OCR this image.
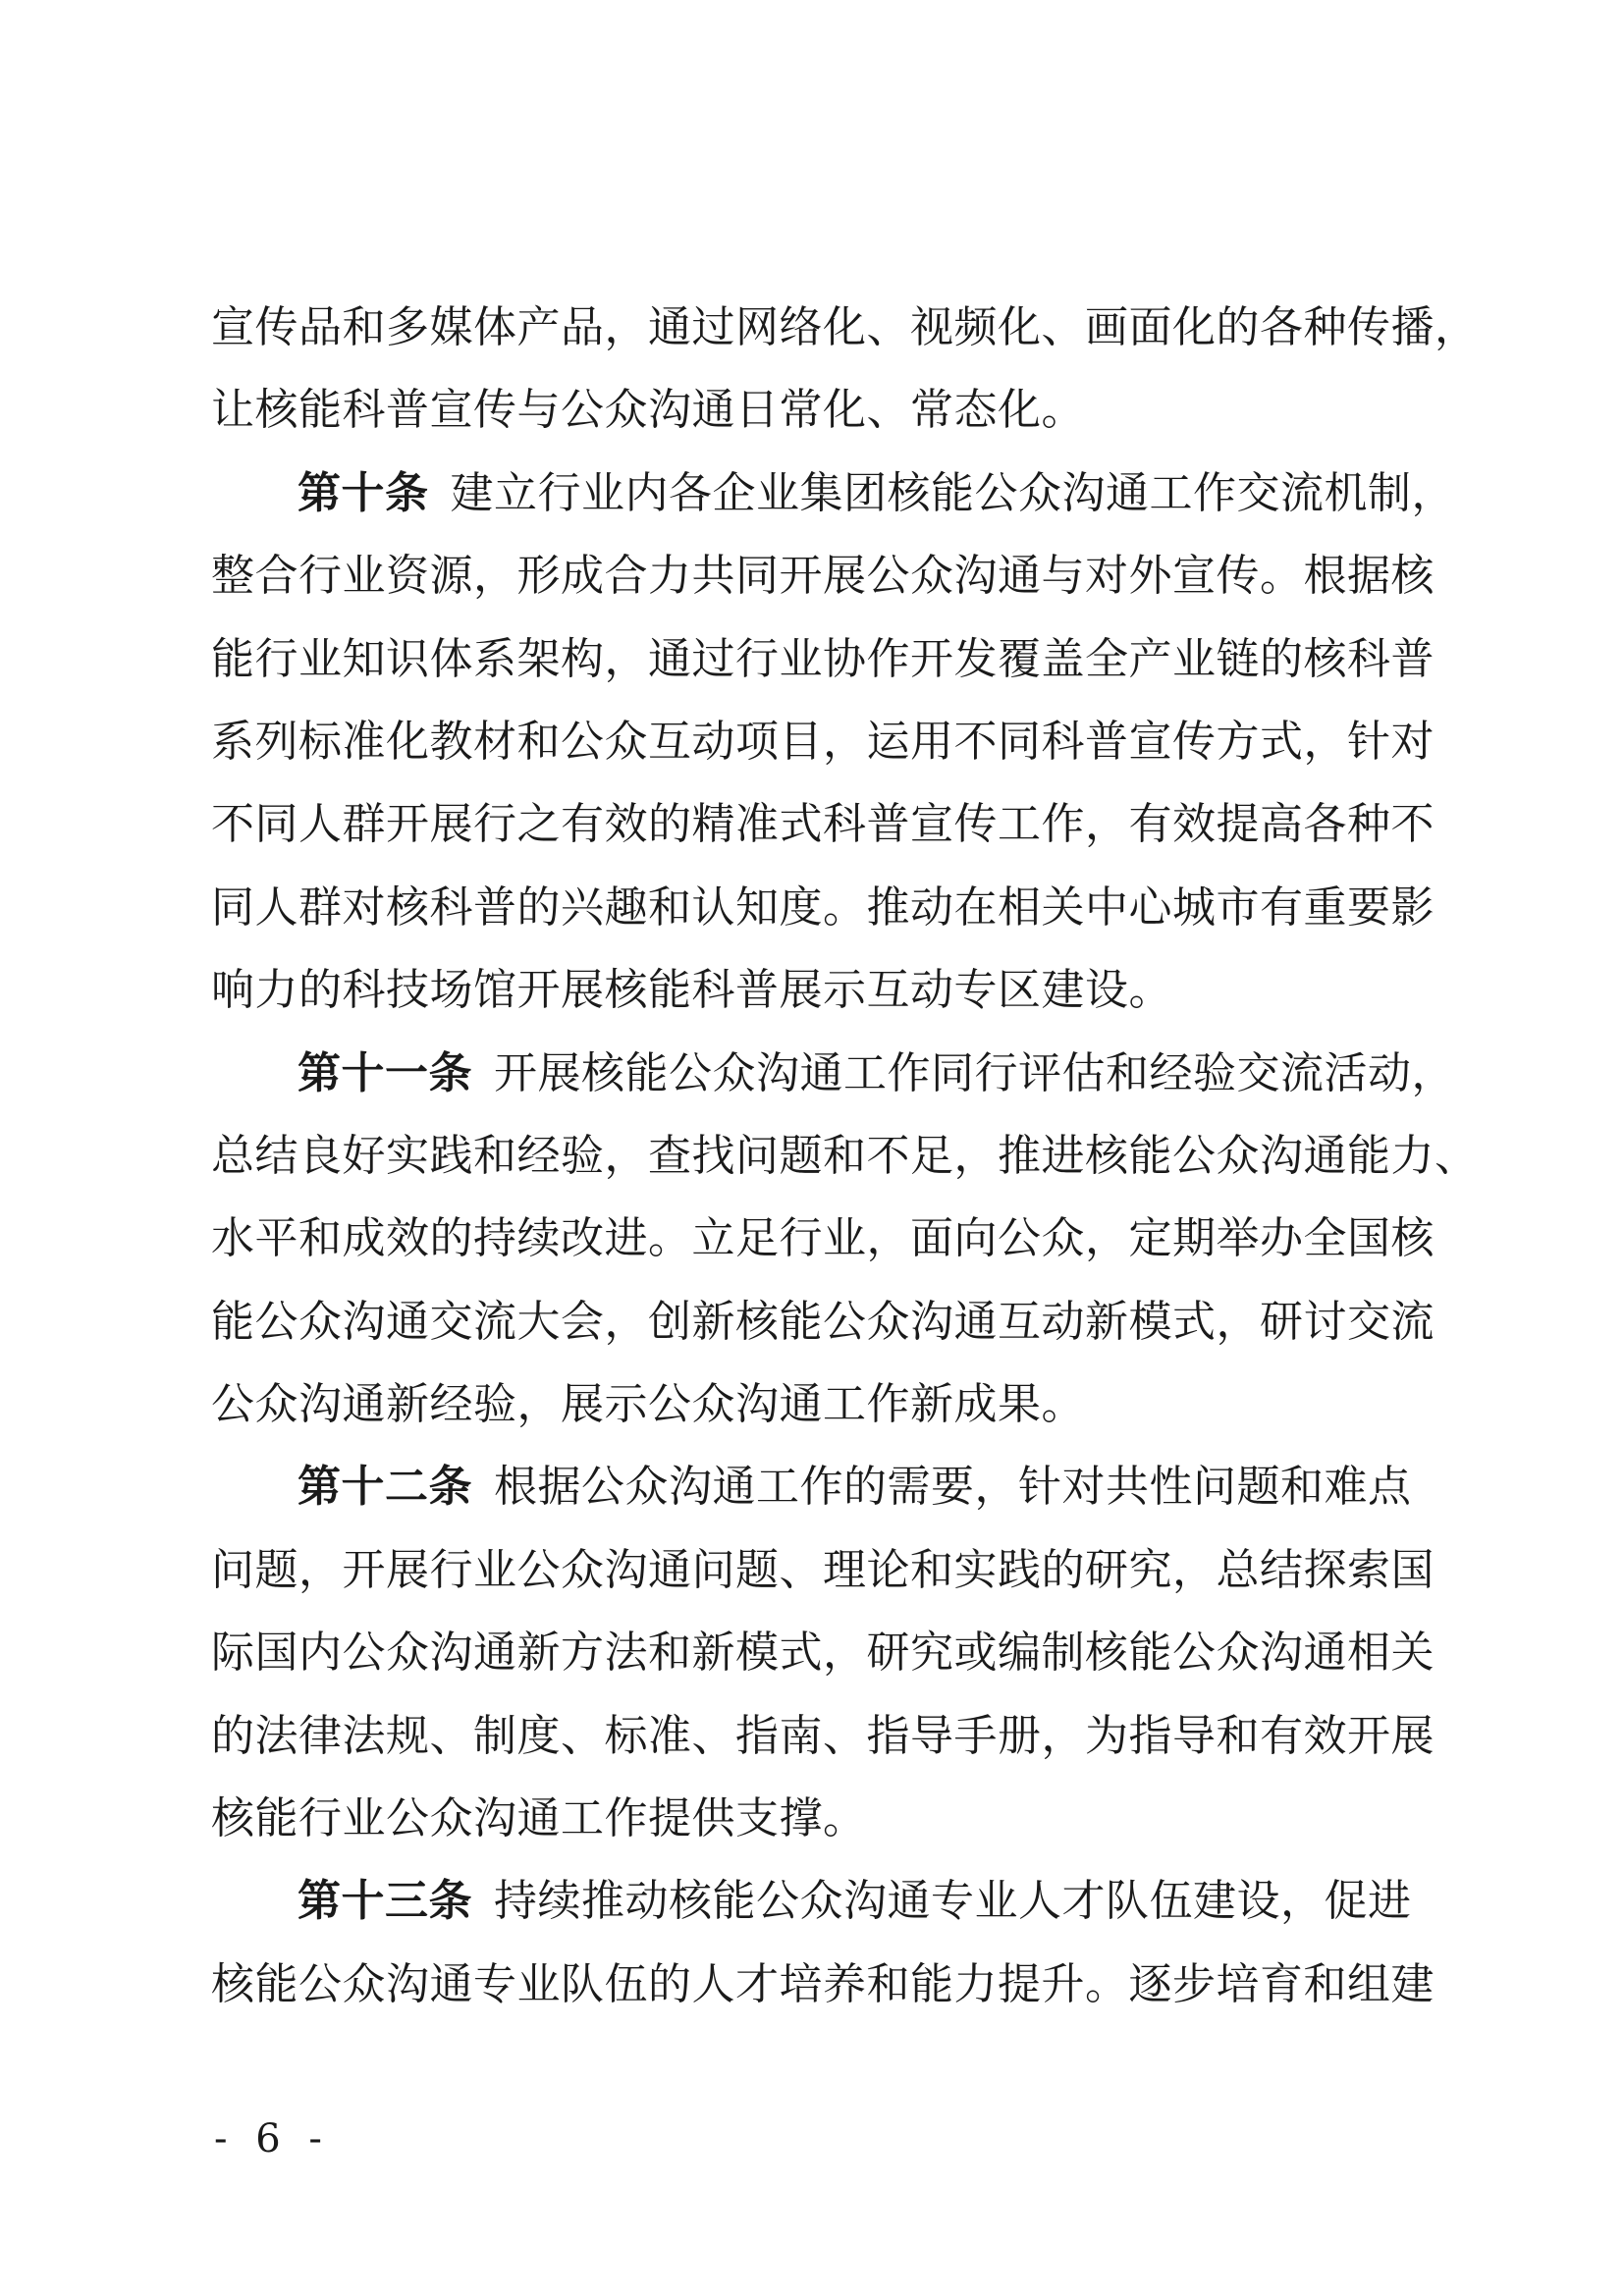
宣传品和多媒体产品，通过网络化、视频化、画面化的各种传播，
让核能科普宣传与公众沟通日常化、常态化。
第十条 建立行业内各企业集团核能公众沟通工作交流机制，
整合行业资源，形成合力共同开展公众沟通与对外宣传。根据核
能行业知识体系架构，通过行业协作开发覆盖全产业链的核科普
系列标准化教材和公众互动项目，运用不同科普宣传方式，针对
不同人群开展行之有效的精准式科普宣传工作，有效提高各种不
同人群对核科普的兴趣和认知度。推动在相关中心城市有重要影
响力的科技场馆开展核能科普展示互动专区建设。
第十一条 开展核能公众沟通工作同行评估和经验交流活动，
总结良好实践和经验，查找问题和不足，推进核能公众沟通能力、
水平和成效的持续改进。立足行业，面向公众，定期举办全国核
能公众沟通交流大会，创新核能公众沟通互动新模式，研讨交流
公众沟通新经验，展示公众沟通工作新成果。
第十二条 根据公众沟通工作的需要，针对共性问题和难点
问题，开展行业公众沟通问题、理论和实践的研究，总结探索国
际国内公众沟通新方法和新模式，研究或编制核能公众沟通相关
的法律法规、制度、标准、指南、指导手册，为指导和有效开展
核能行业公众沟通工作提供支撑。
第十三条 持续推动核能公众沟通专业人才队伍建设，促进
核能公众沟通专业队伍的人才培养和能力提升。逐步培育和组建
- 6 -
